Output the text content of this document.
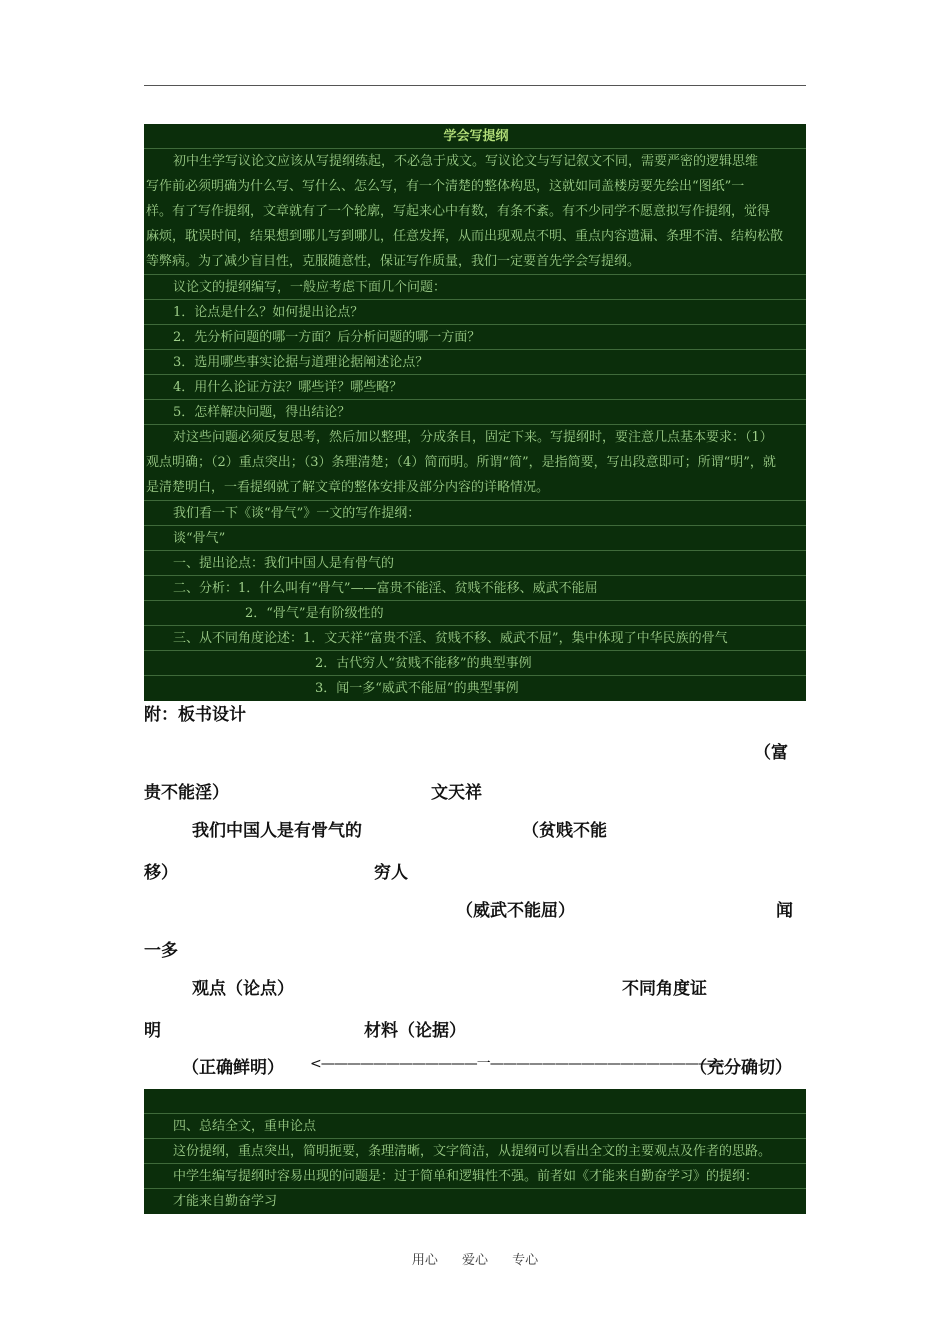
学会写提纲
初中生学写议论文应该从写提纲练起，不必急于成文。写议论文与写记叙文不同，需要严密的逻辑思维
写作前必须明确为什么写、写什么、怎么写，有一个清楚的整体构思，这就如同盖楼房要先绘出“图纸”一
样。有了写作提纲，文章就有了一个轮廓，写起来心中有数，有条不紊。有不少同学不愿意拟写作提纲，觉得
麻烦，耽误时间，结果想到哪儿写到哪儿，任意发挥，从而出现观点不明、重点内容遗漏、条理不清、结构松散
等弊病。为了减少盲目性，克服随意性，保证写作质量，我们一定要首先学会写提纲。
议论文的提纲编写，一般应考虑下面几个问题：
1．论点是什么？如何提出论点？
2．先分析问题的哪一方面？后分析问题的哪一方面？
3．选用哪些事实论据与道理论据阐述论点？
4．用什么论证方法？哪些详？哪些略？
5．怎样解决问题，得出结论？
对这些问题必须反复思考，然后加以整理，分成条目，固定下来。写提纲时，要注意几点基本要求：（1）
观点明确；（2）重点突出；（3）条理清楚；（4）简而明。所谓“简”，是指简要，写出段意即可；所谓“明”，就
是清楚明白，一看提纲就了解文章的整体安排及部分内容的详略情况。
我们看一下《谈“骨气”》一文的写作提纲：
谈“骨气”
一、提出论点：我们中国人是有骨气的
二、分析：1．什么叫有“骨气”——富贵不能淫、贫贱不能移、威武不能屈
2．“骨气”是有阶级性的
三、从不同角度论述：1．文天祥“富贵不淫、贫贱不移、威武不屈”，集中体现了中华民族的骨气
2．古代穷人“贫贱不能移”的典型事例
3．闻一多“威武不能屈”的典型事例
附：板书设计
（富
贵不能淫）	文天祥
我们中国人是有骨气的	（贫贱不能
移）	穷人
（威武不能屈）	闻
一多
观点（论点）	不同角度证
明	材料（论据）
（正确鲜明） <————————————一——————————————————
（充分确切）
四、总结全文，重申论点
这份提纲，重点突出，简明扼要，条理清晰，文字简洁，从提纲可以看出全文的主要观点及作者的思路。
中学生编写提纲时容易出现的问题是：过于简单和逻辑性不强。前者如《才能来自勤奋学习》的提纲：
才能来自勤奋学习
用心 爱心 专心
